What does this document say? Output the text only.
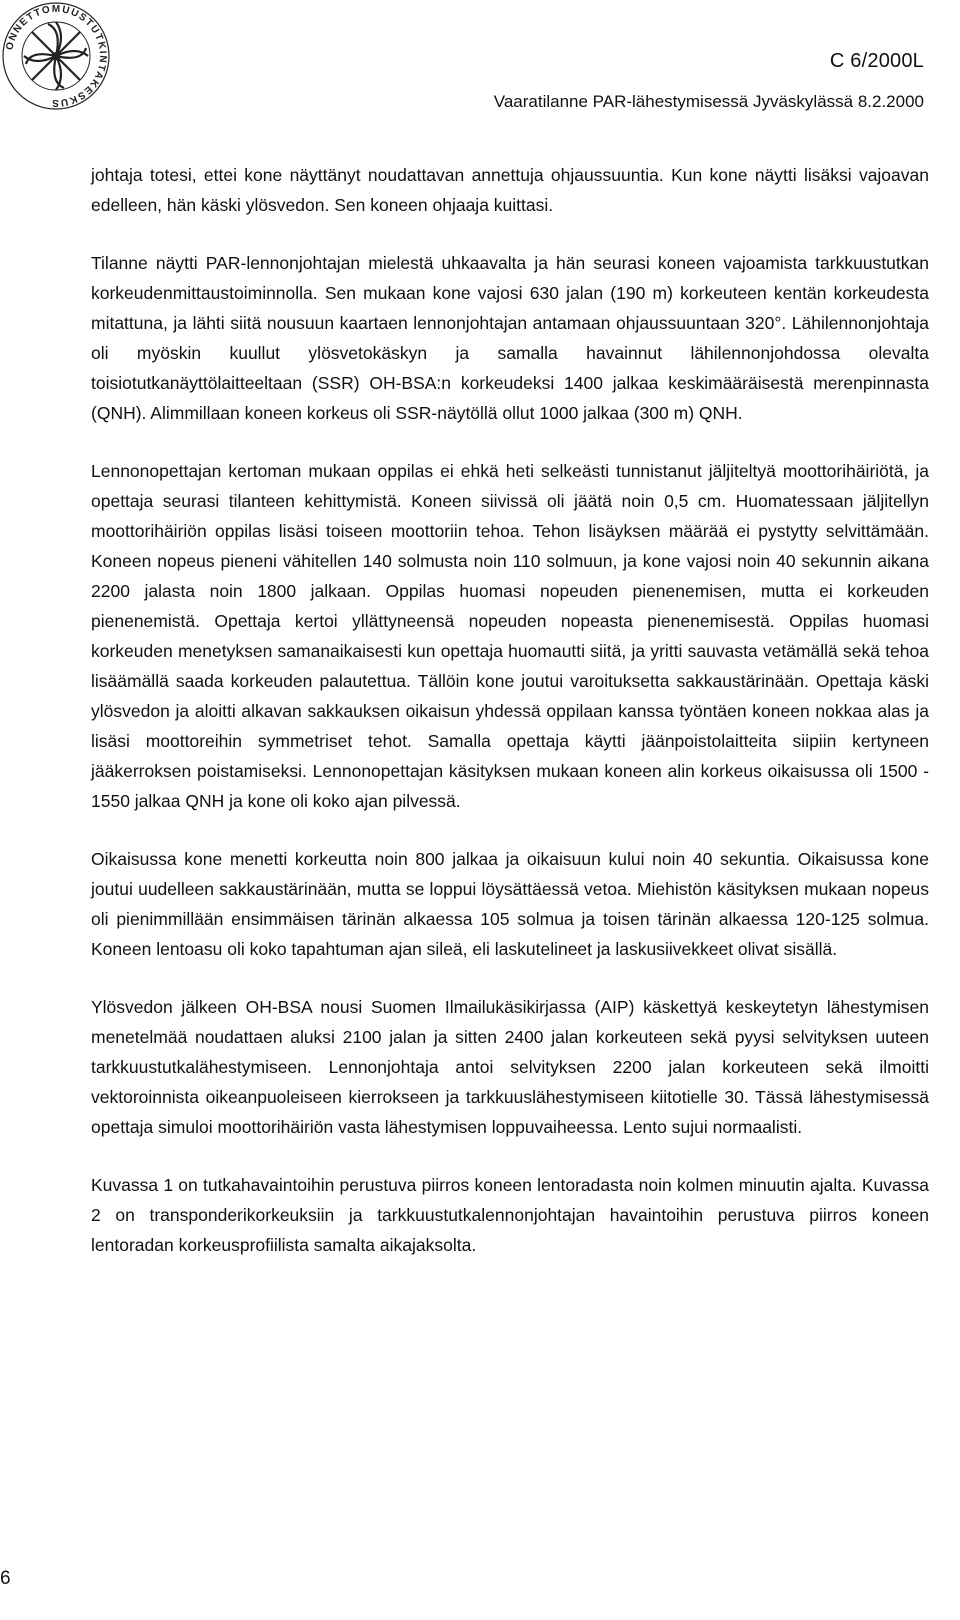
ONNETTOMUUSTUTKINTAKESKUS
C 6/2000L
Vaaratilanne PAR-lähestymisessä Jyväskylässä 8.2.2000

johtaja totesi, ettei kone näyttänyt noudattavan annettuja ohjaussuuntia. Kun kone näytti lisäksi vajoavan edelleen, hän käski ylösvedon. Sen koneen ohjaaja kuittasi.

Tilanne näytti PAR-lennonjohtajan mielestä uhkaavalta ja hän seurasi koneen vajoamista tarkkuustutkan korkeudenmittaustoiminnolla. Sen mukaan kone vajosi 630 jalan (190 m) korkeuteen kentän korkeudesta mitattuna, ja lähti siitä nousuun kaartaen lennonjohtajan antamaan ohjaussuuntaan 320°. Lähilennonjohtaja oli myöskin kuullut ylösvetokäskyn ja samalla havainnut lähilennonjohdossa olevalta toisiotutkanäyttölaitteeltaan (SSR) OH-BSA:n korkeudeksi 1400 jalkaa keskimääräisestä merenpinnasta (QNH). Alimmillaan koneen korkeus oli SSR-näytöllä ollut 1000 jalkaa (300 m) QNH.

Lennonopettajan kertoman mukaan oppilas ei ehkä heti selkeästi tunnistanut jäljiteltyä moottorihäiriötä, ja opettaja seurasi tilanteen kehittymistä. Koneen siivissä oli jäätä noin 0,5 cm. Huomatessaan jäljitellyn moottorihäiriön oppilas lisäsi toiseen moottoriin tehoa. Tehon lisäyksen määrää ei pystytty selvittämään. Koneen nopeus pieneni vähitellen 140 solmusta noin 110 solmuun, ja kone vajosi noin 40 sekunnin aikana 2200 jalasta noin 1800 jalkaan. Oppilas huomasi nopeuden pienenemisen, mutta ei korkeuden pienenemistä. Opettaja kertoi yllättyneensä nopeuden nopeasta pienenemisestä. Oppilas huomasi korkeuden menetyksen samanaikaisesti kun opettaja huomautti siitä, ja yritti sauvasta vetämällä sekä tehoa lisäämällä saada korkeuden palautettua. Tällöin kone joutui varoituksetta sakkaustärinään. Opettaja käski ylösvedon ja aloitti alkavan sakkauksen oikaisun yhdessä oppilaan kanssa työntäen koneen nokkaa alas ja lisäsi moottoreihin symmetriset tehot. Samalla opettaja käytti jäänpoistolaitteita siipiin kertyneen jääkerroksen poistamiseksi. Lennonopettajan käsityksen mukaan koneen alin korkeus oikaisussa oli 1500 - 1550 jalkaa QNH ja kone oli koko ajan pilvessä.

Oikaisussa kone menetti korkeutta noin 800 jalkaa ja oikaisuun kului noin 40 sekuntia. Oikaisussa kone joutui uudelleen sakkaustärinään, mutta se loppui löysättäessä vetoa. Miehistön käsityksen mukaan nopeus oli pienimmillään ensimmäisen tärinän alkaessa 105 solmua ja toisen tärinän alkaessa 120-125 solmua. Koneen lentoasu oli koko tapahtuman ajan sileä, eli laskutelineet ja laskusiivekkeet olivat sisällä.

Ylösvedon jälkeen OH-BSA nousi Suomen Ilmailukäsikirjassa (AIP) käskettyä keskeytetyn lähestymisen menetelmää noudattaen aluksi 2100 jalan ja sitten 2400 jalan korkeuteen sekä pyysi selvityksen uuteen tarkkuustutkalähestymiseen. Lennonjohtaja antoi selvityksen 2200 jalan korkeuteen sekä ilmoitti vektoroinnista oikeanpuoleiseen kierrokseen ja tarkkuuslähestymiseen kiitotielle 30. Tässä lähestymisessä opettaja simuloi moottorihäiriön vasta lähestymisen loppuvaiheessa. Lento sujui normaalisti.

Kuvassa 1 on tutkahavaintoihin perustuva piirros koneen lentoradasta noin kolmen minuutin ajalta. Kuvassa 2 on transponderikorkeuksiin ja tarkkuustutkalennonjohtajan havaintoihin perustuva piirros koneen lentoradan korkeusprofiilista samalta aikajaksolta.

6
